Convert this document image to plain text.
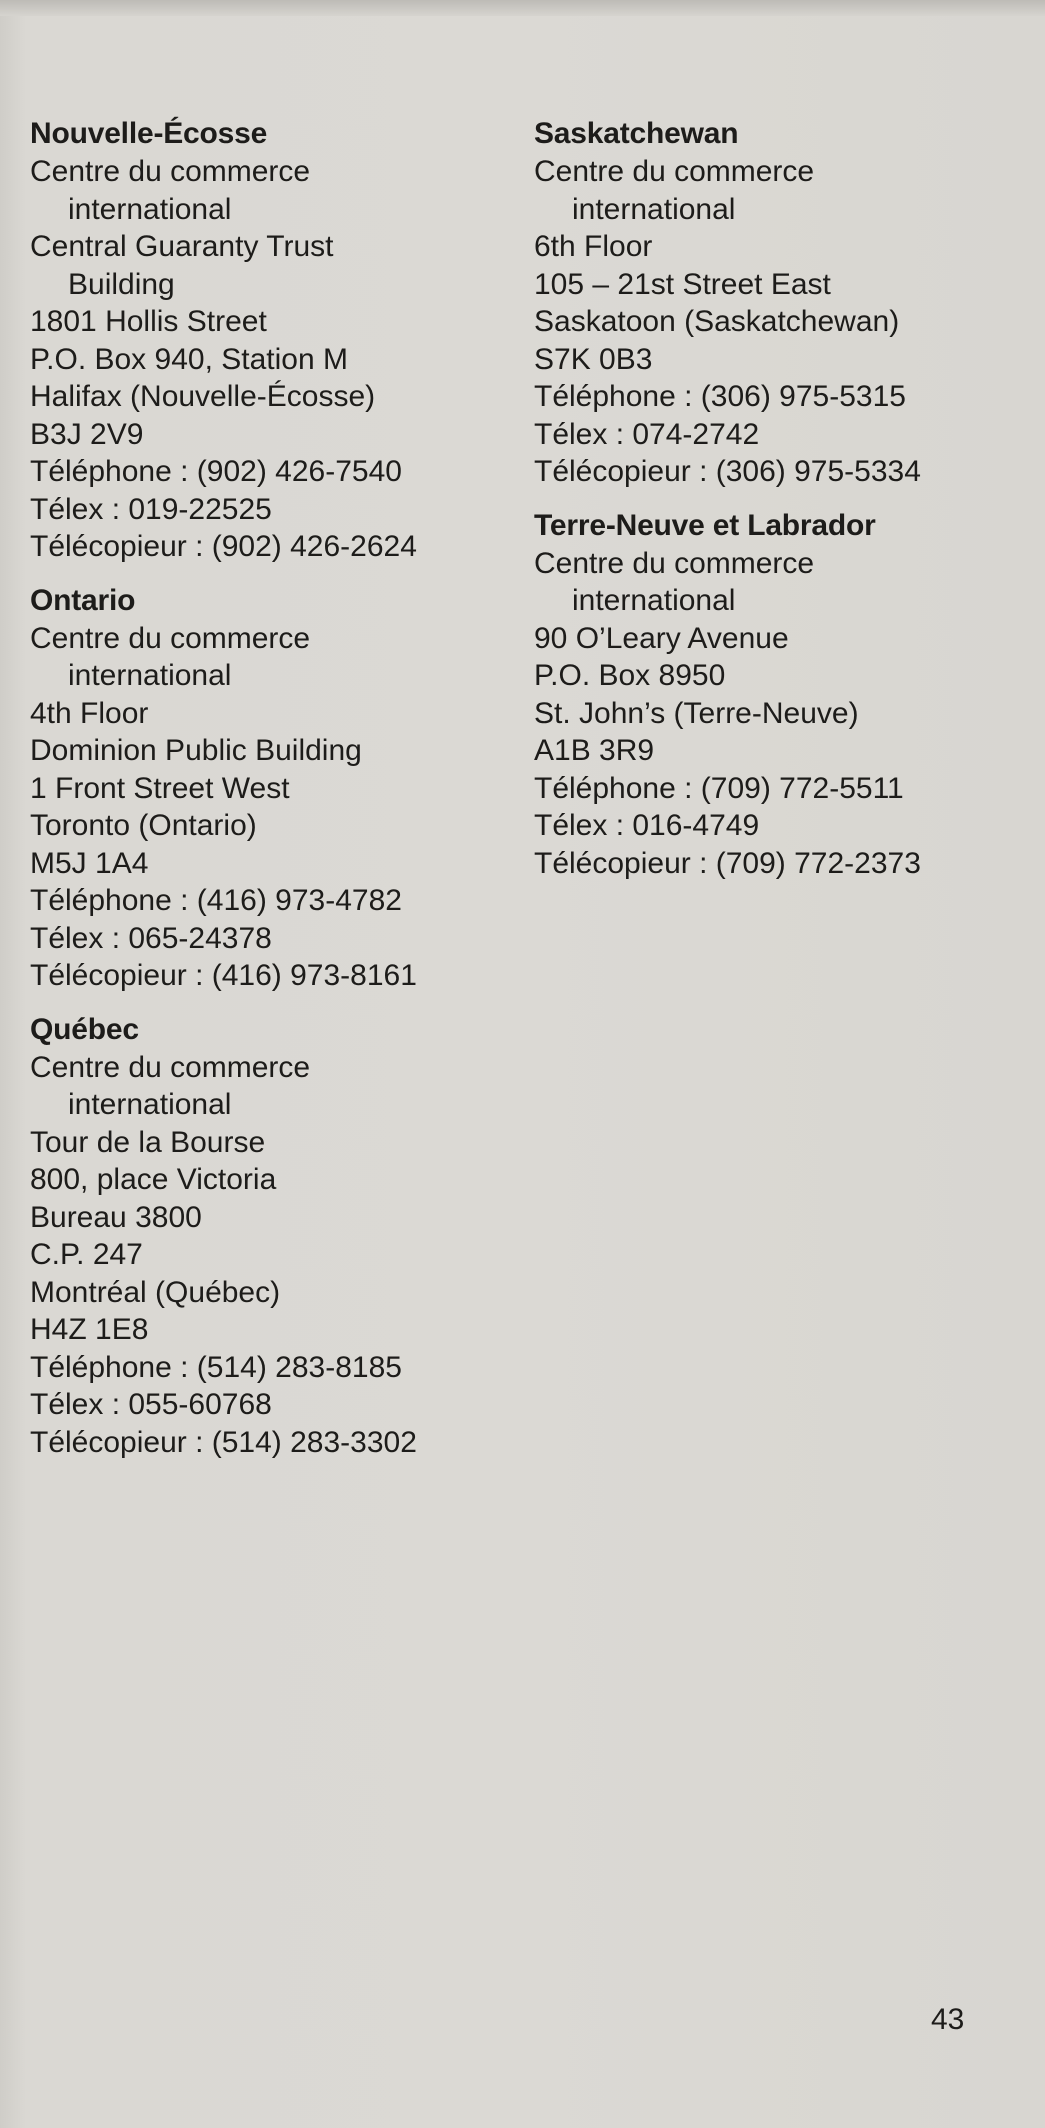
Nouvelle-Écosse
Centre du commerce
international
Central Guaranty Trust
Building
1801 Hollis Street
P.O. Box 940, Station M
Halifax (Nouvelle-Écosse)
B3J 2V9
Téléphone : (902) 426-7540
Télex : 019-22525
Télécopieur : (902) 426-2624
Ontario
Centre du commerce
international
4th Floor
Dominion Public Building
1 Front Street West
Toronto (Ontario)
M5J 1A4
Téléphone : (416) 973-4782
Télex : 065-24378
Télécopieur : (416) 973-8161
Québec
Centre du commerce
international
Tour de la Bourse
800, place Victoria
Bureau 3800
C.P. 247
Montréal (Québec)
H4Z 1E8
Téléphone : (514) 283-8185
Télex : 055-60768
Télécopieur : (514) 283-3302
Saskatchewan
Centre du commerce
international
6th Floor
105 – 21st Street East
Saskatoon (Saskatchewan)
S7K 0B3
Téléphone : (306) 975-5315
Télex : 074-2742
Télécopieur : (306) 975-5334
Terre-Neuve et Labrador
Centre du commerce
international
90 O’Leary Avenue
P.O. Box 8950
St. John’s (Terre-Neuve)
A1B 3R9
Téléphone : (709) 772-5511
Télex : 016-4749
Télécopieur : (709) 772-2373
43
